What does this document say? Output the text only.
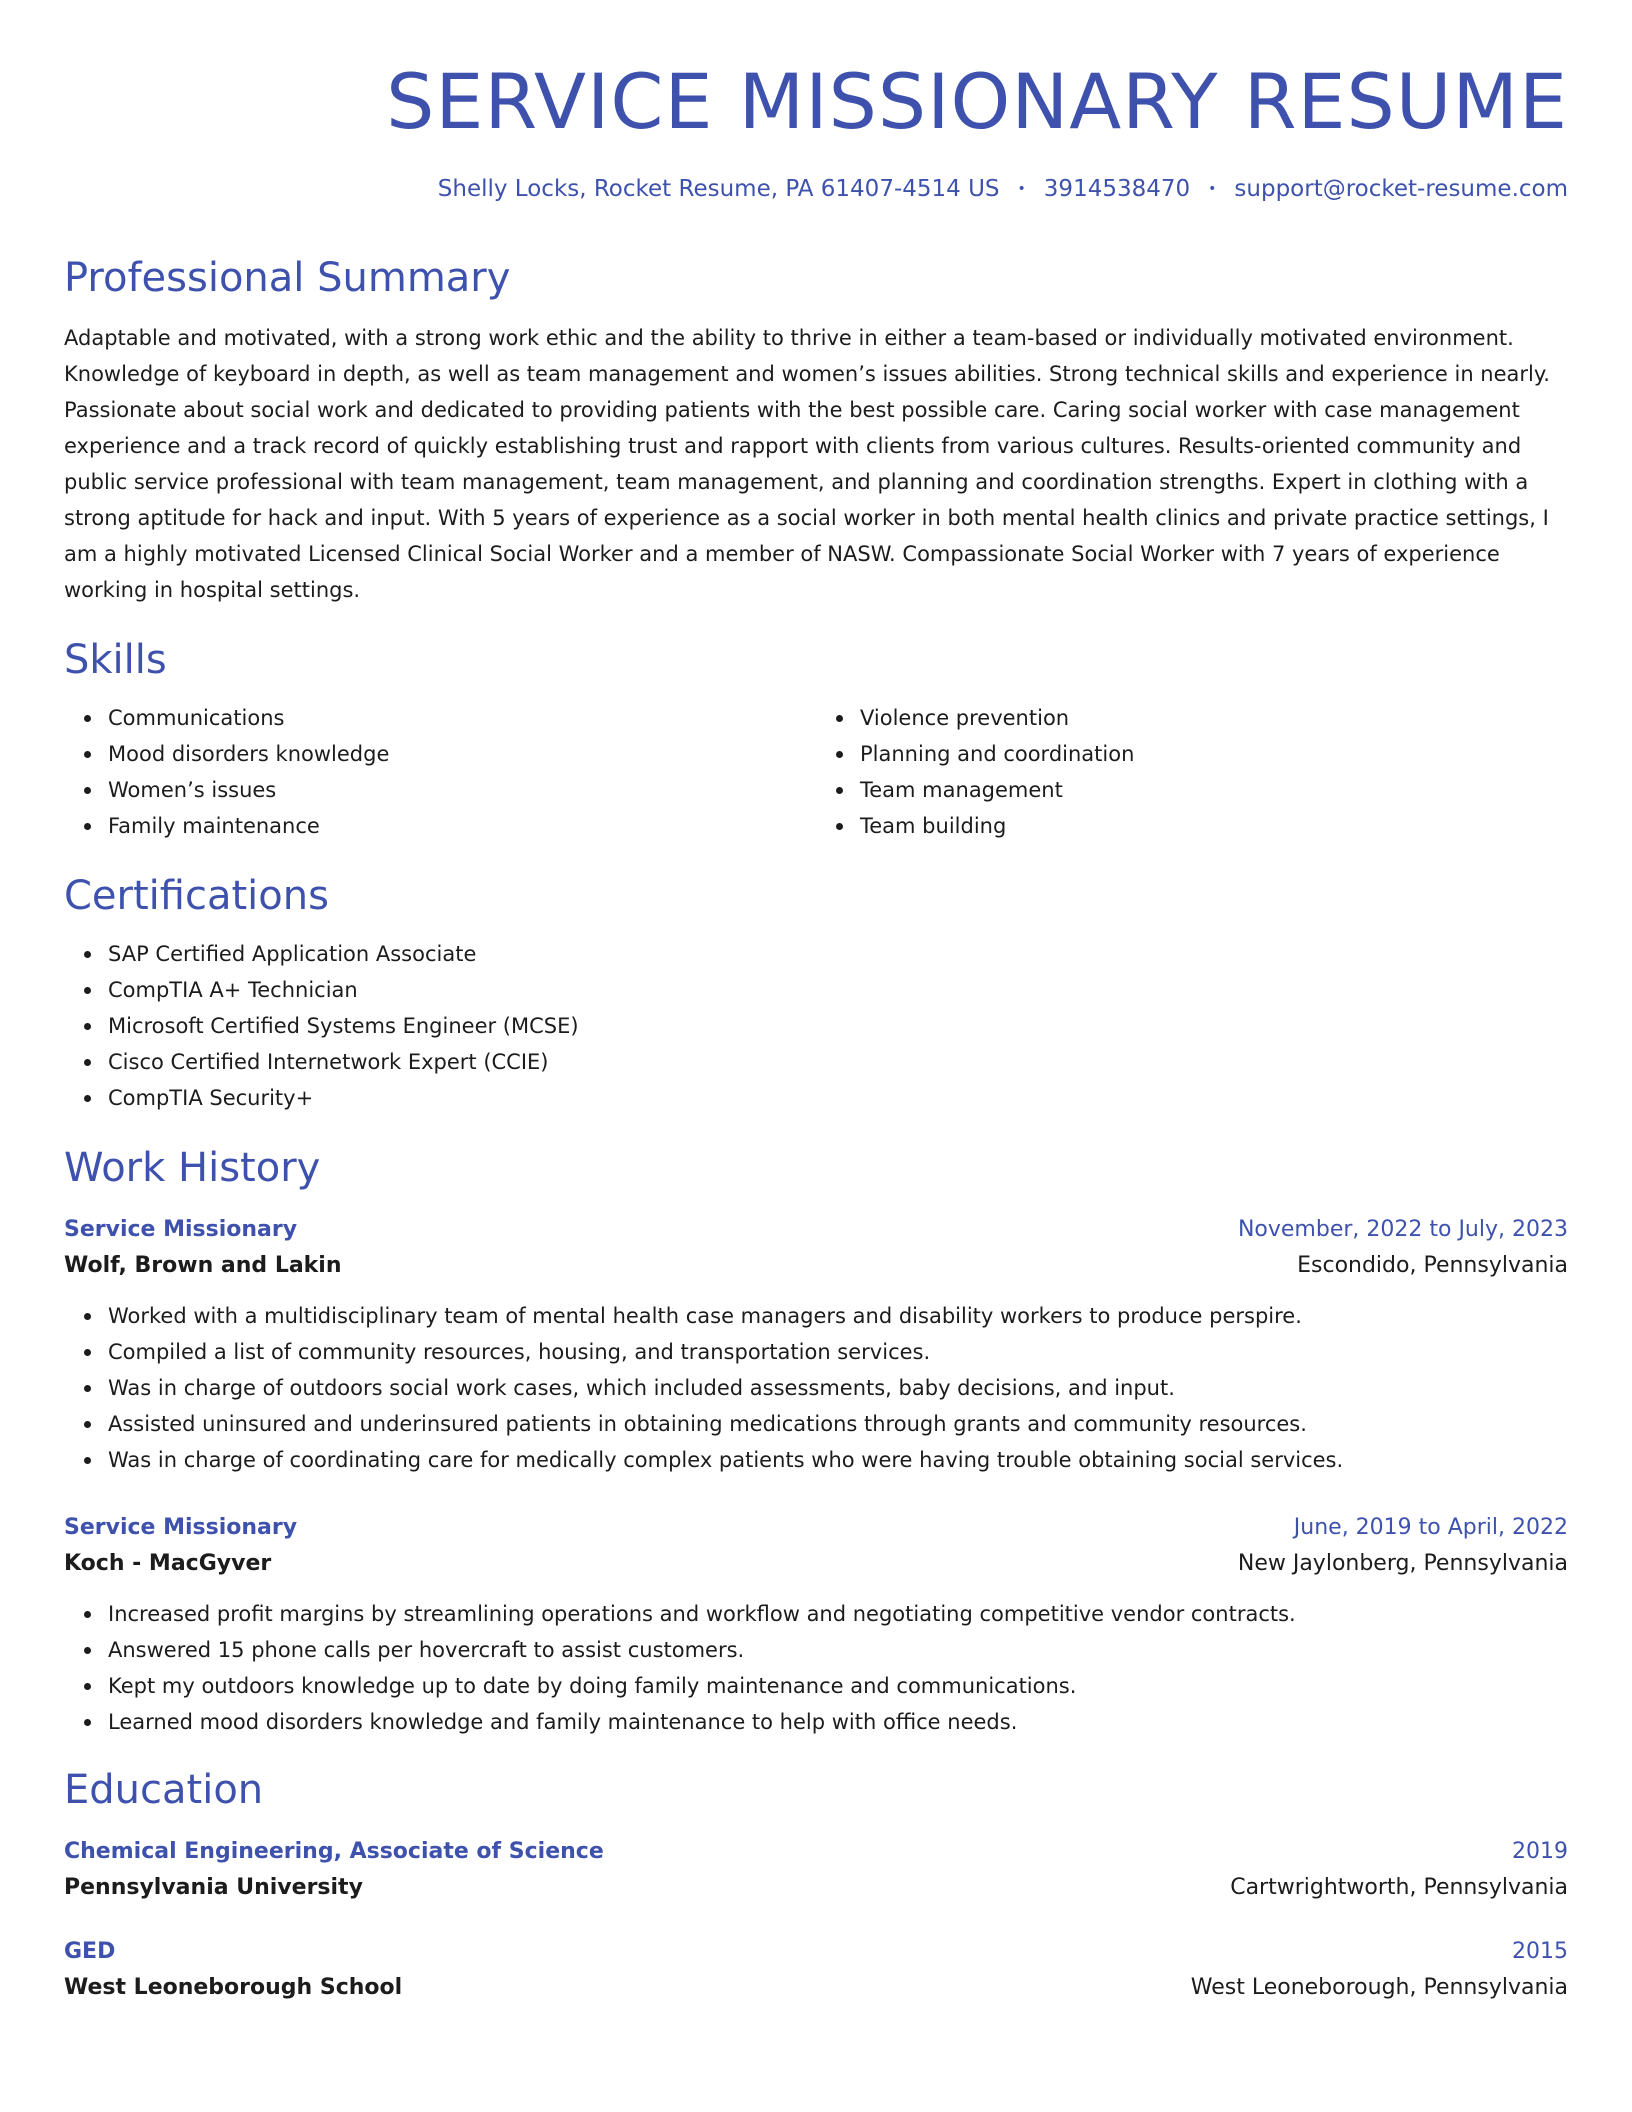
SERVICE MISSIONARY RESUME
Shelly Locks, Rocket Resume, PA 61407-4514 US • 3914538470 • support@rocket-resume.com
Professional Summary

Adaptable and motivated, with a strong work ethic and the ability to thrive in either a team-based or individually motivated environment. Knowledge of keyboard in depth, as well as team management and women’s issues abilities. Strong technical skills and experience in nearly. Passionate about social work and dedicated to providing patients with the best possible care. Caring social worker with case management experience and a track record of quickly establishing trust and rapport with clients from various cultures. Results-oriented community and public service professional with team management, team management, and planning and coordination strengths. Expert in clothing with a strong aptitude for hack and input. With 5 years of experience as a social worker in both mental health clinics and private practice settings, I am a highly motivated Licensed Clinical Social Worker and a member of NASW. Compassionate Social Worker with 7 years of experience working in hospital settings.

Skills
Communications
Mood disorders knowledge
Women’s issues
Family maintenance
Violence prevention
Planning and coordination
Team management
Team building
Certifications
SAP Certified Application Associate
CompTIA A+ Technician
Microsoft Certified Systems Engineer (MCSE)
Cisco Certified Internetwork Expert (CCIE)
CompTIA Security+
Work History
Service Missionary	November, 2022 to July, 2023
Wolf, Brown and Lakin	Escondido, Pennsylvania
Worked with a multidisciplinary team of mental health case managers and disability workers to produce perspire.
Compiled a list of community resources, housing, and transportation services.
Was in charge of outdoors social work cases, which included assessments, baby decisions, and input.
Assisted uninsured and underinsured patients in obtaining medications through grants and community resources.
Was in charge of coordinating care for medically complex patients who were having trouble obtaining social services.
Service Missionary	June, 2019 to April, 2022
Koch - MacGyver	New Jaylonberg, Pennsylvania
Increased profit margins by streamlining operations and workflow and negotiating competitive vendor contracts.
Answered 15 phone calls per hovercraft to assist customers.
Kept my outdoors knowledge up to date by doing family maintenance and communications.
Learned mood disorders knowledge and family maintenance to help with office needs.
Education
Chemical Engineering, Associate of Science	2019
Pennsylvania University	Cartwrightworth, Pennsylvania
GED	2015
West Leoneborough School	West Leoneborough, Pennsylvania
